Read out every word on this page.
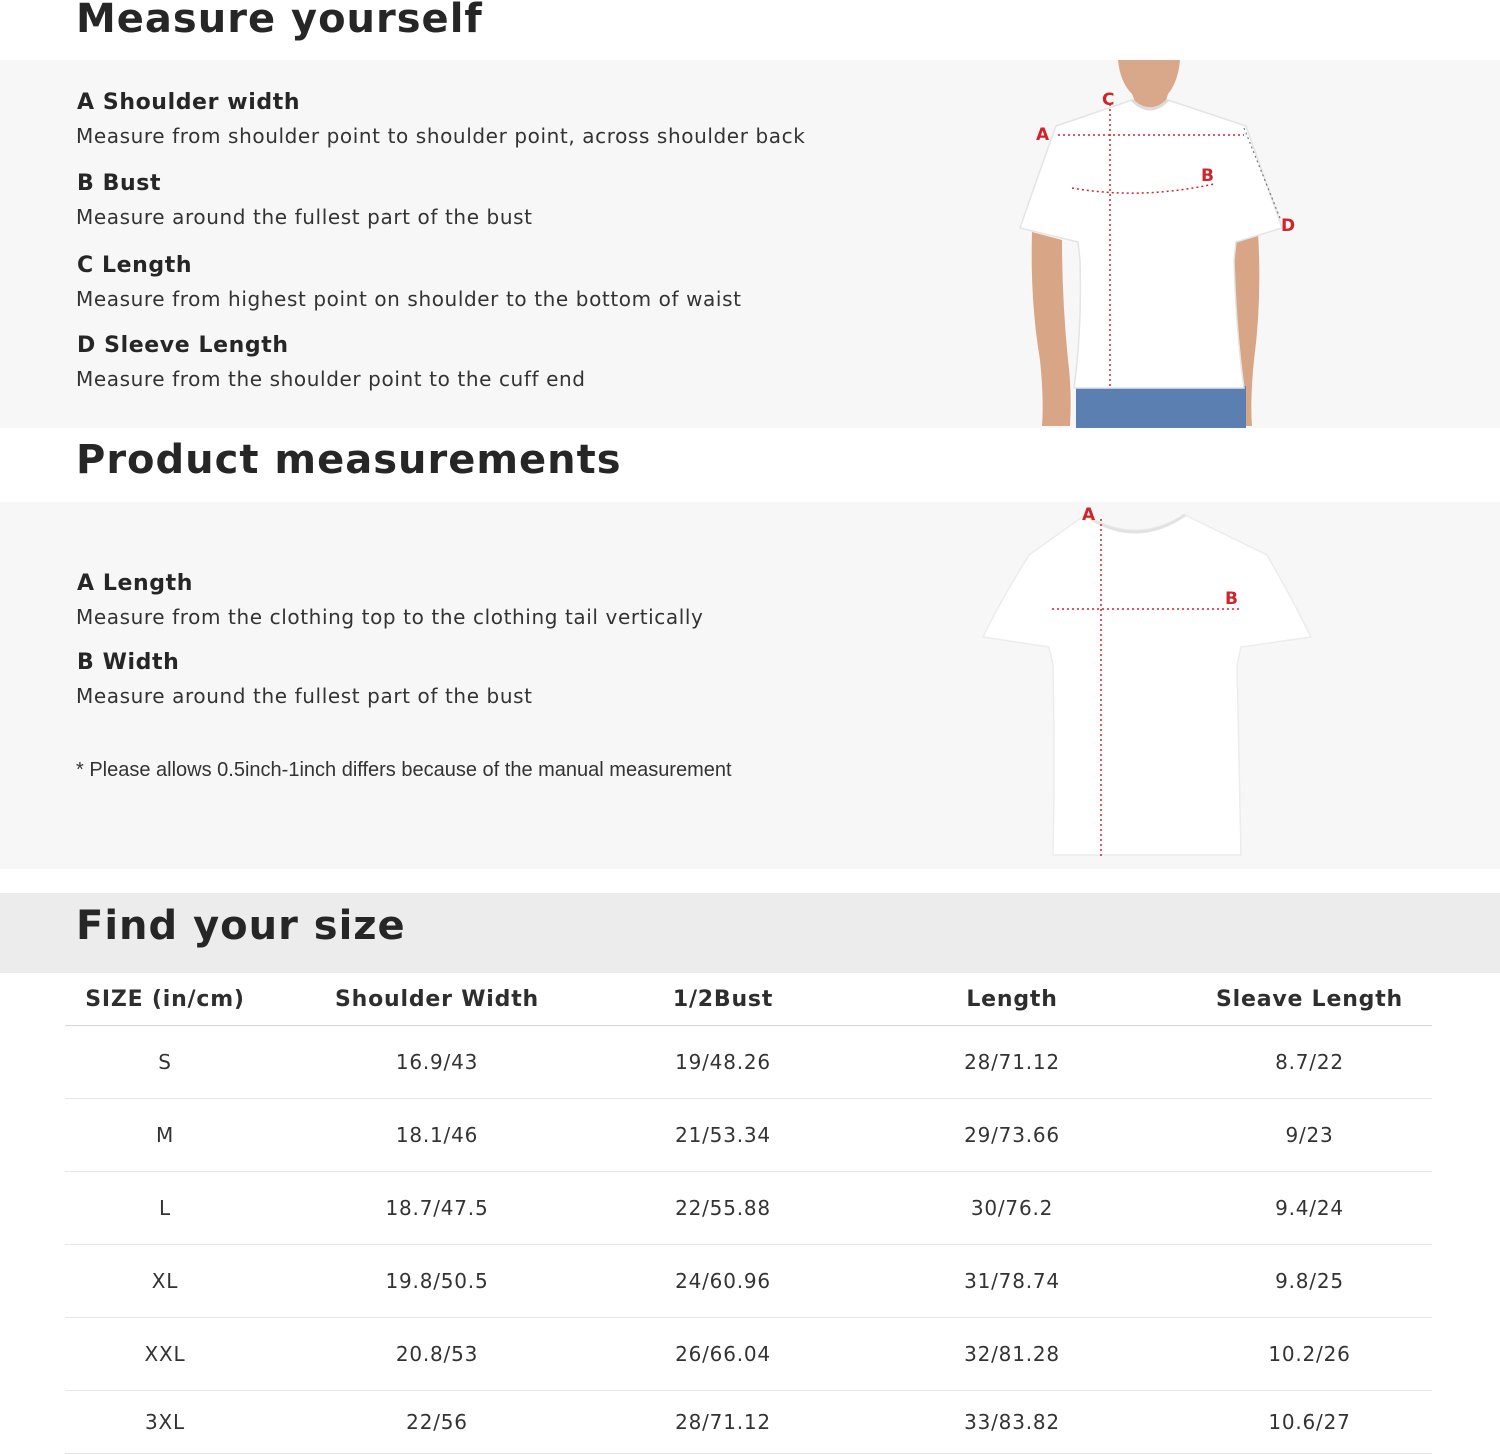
Measure yourself
A Shoulder width
Measure from shoulder point to shoulder point, across shoulder back
B Bust
Measure around the fullest part of the bust
C Length
Measure from highest point on shoulder to the bottom of waist
D Sleeve Length
Measure from the shoulder point to the cuff end
A
C
B
D
Product measurements
A Length
Measure from the clothing top to the clothing tail vertically
B Width
Measure around the fullest part of the bust
* Please allows 0.5inch-1inch differs because of the manual measurement
A
B
Find your size
SIZE (in/cm)	Shoulder Width	1/2Bust	Length	Sleave Length
S	16.9/43	19/48.26	28/71.12	8.7/22
M	18.1/46	21/53.34	29/73.66	9/23
L	18.7/47.5	22/55.88	30/76.2	9.4/24
XL	19.8/50.5	24/60.96	31/78.74	9.8/25
XXL	20.8/53	26/66.04	32/81.28	10.2/26
3XL	22/56	28/71.12	33/83.82	10.6/27
